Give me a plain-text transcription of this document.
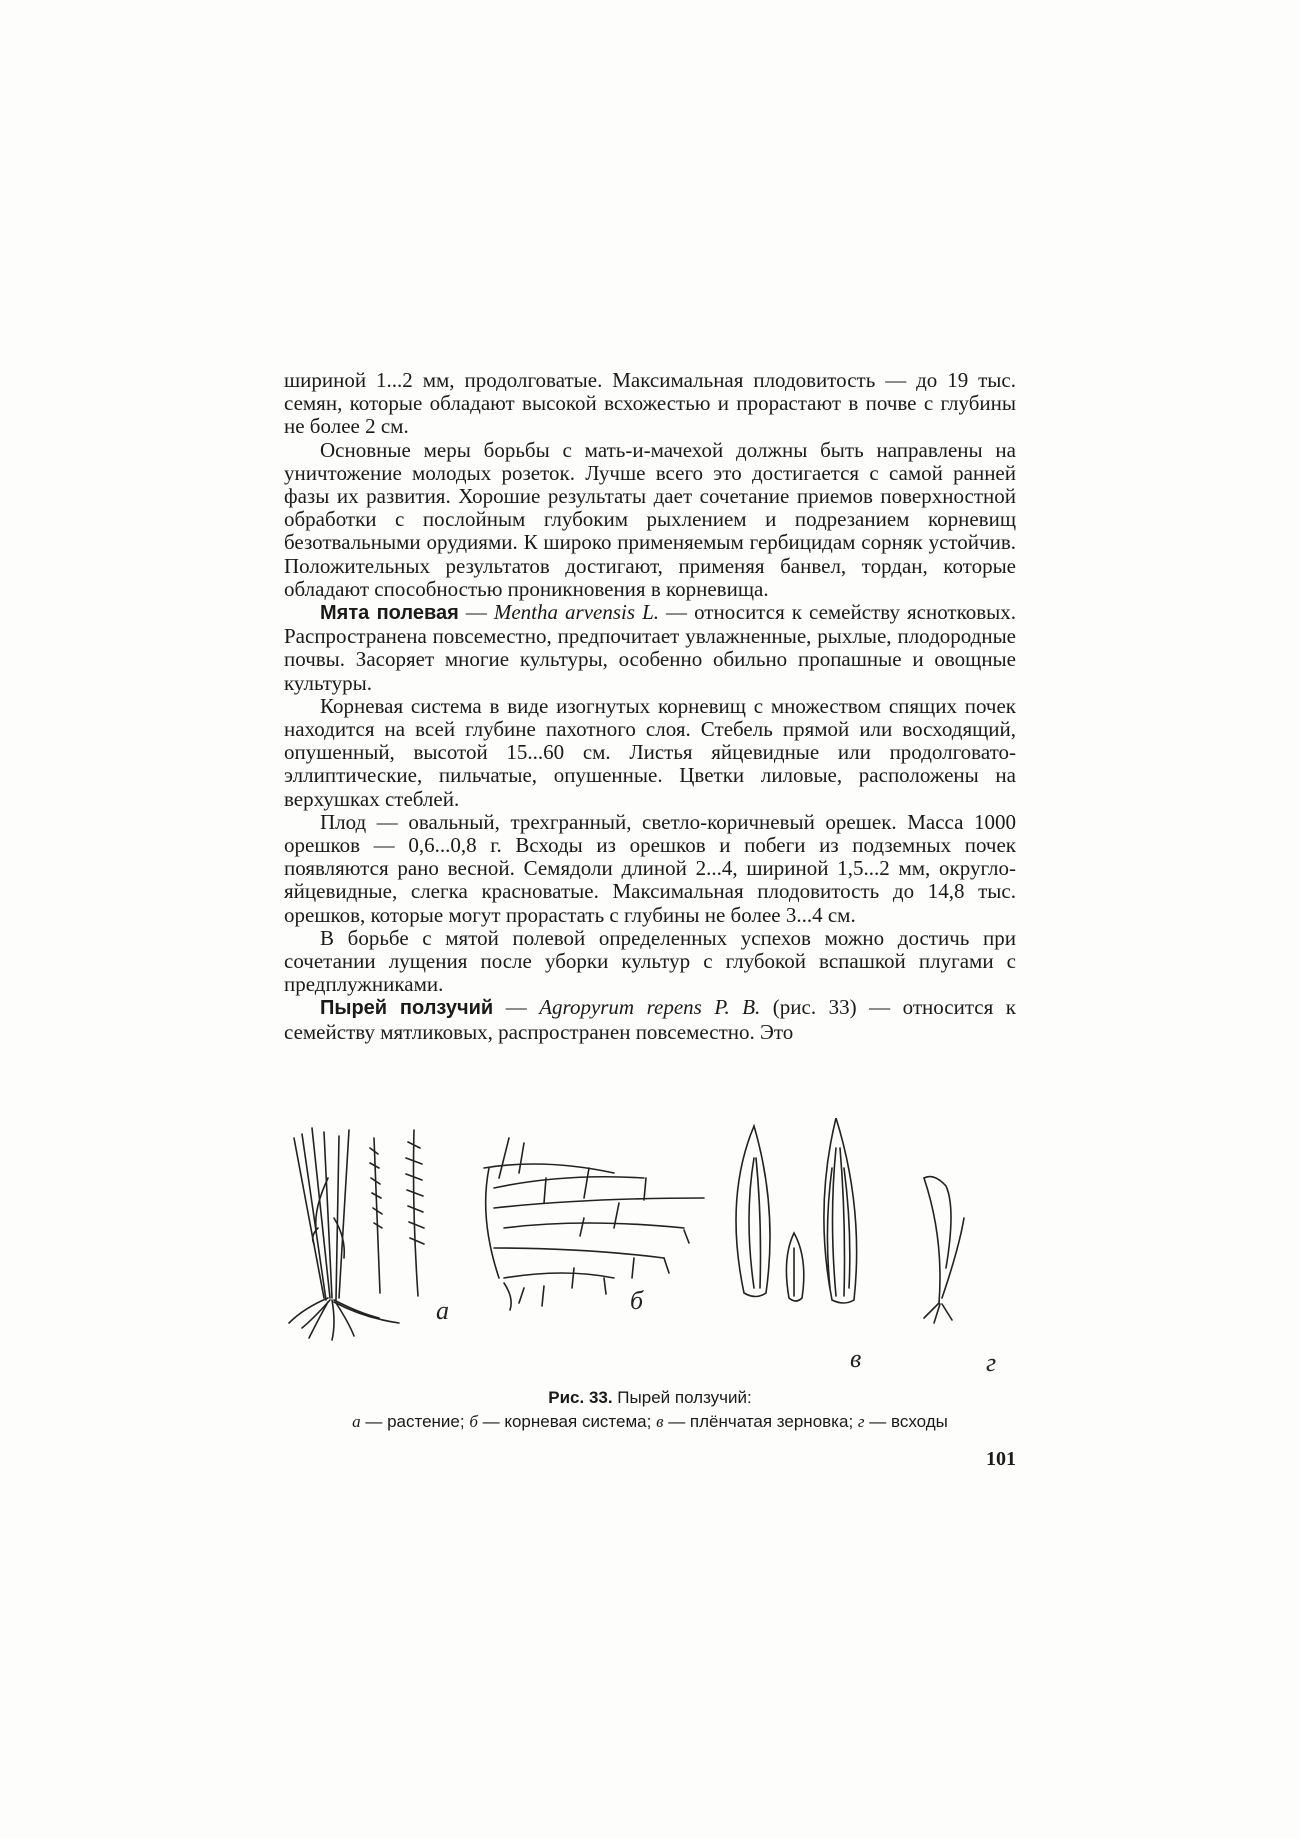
шириной 1...2 мм, продолговатые. Максимальная плодовитость — до 19 тыс. семян, которые обладают высокой всхожестью и прорастают в почве с глубины не более 2 см.

Основные меры борьбы с мать-и-мачехой должны быть направлены на уничтожение молодых розеток. Лучше всего это достигается с самой ранней фазы их развития. Хорошие результаты дает сочетание приемов поверхностной обработки с послойным глубоким рыхлением и подрезанием корневищ безотвальными орудиями. К широко применяемым гербицидам сорняк устойчив. Положительных результатов достигают, применяя банвел, тордан, которые обладают способностью проникновения в корневища.

Мята полевая — Mentha arvensis L. — относится к семейству яснотковых. Распространена повсеместно, предпочитает увлажненные, рыхлые, плодородные почвы. Засоряет многие культуры, особенно обильно пропашные и овощные культуры.

Корневая система в виде изогнутых корневищ с множеством спящих почек находится на всей глубине пахотного слоя. Стебель прямой или восходящий, опушенный, высотой 15...60 см. Листья яйцевидные или продолговато-эллиптические, пильчатые, опушенные. Цветки лиловые, расположены на верхушках стеблей.

Плод — овальный, трехгранный, светло-коричневый орешек. Масса 1000 орешков — 0,6...0,8 г. Всходы из орешков и побеги из подземных почек появляются рано весной. Семядоли длиной 2...4, шириной 1,5...2 мм, округло-яйцевидные, слегка красноватые. Максимальная плодовитость до 14,8 тыс. орешков, которые могут прорастать с глубины не более 3...4 см.

В борьбе с мятой полевой определенных успехов можно достичь при сочетании лущения после уборки культур с глубокой вспашкой плугами с предплужниками.

Пырей ползучий — Agropyrum repens P. B. (рис. 33) — относится к семейству мятликовых, распространен повсеместно. Это

а	б
в	г
Рис. 33. Пырей ползучий:
а — растение; б — корневая система; в — плёнчатая зерновка; г — всходы
101
